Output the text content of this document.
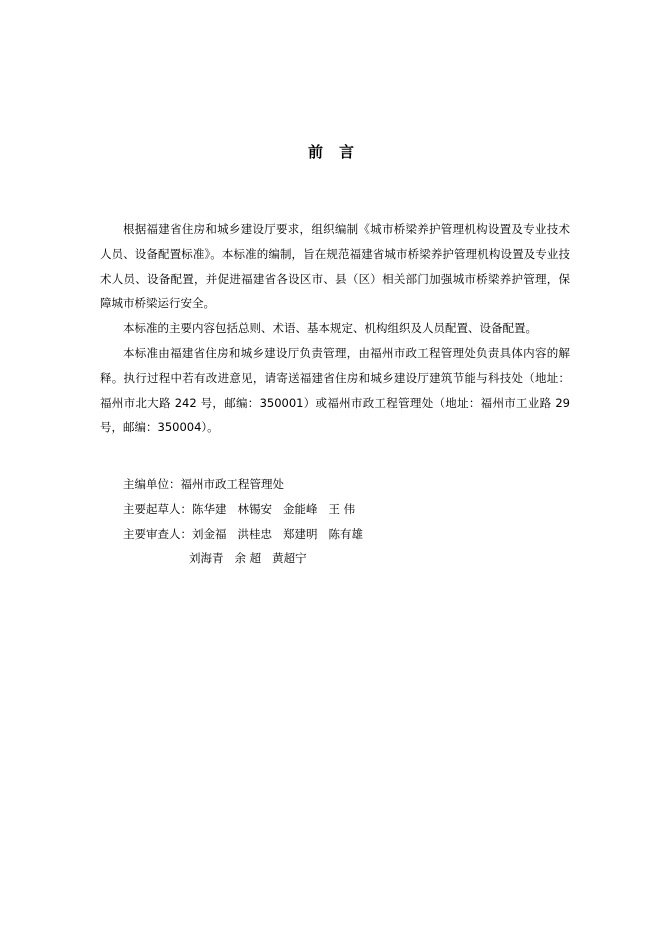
前 言

根据福建省住房和城乡建设厅要求，组织编制《城市桥梁养护管理机构设置及专业技术人员、设备配置标准》。本标准的编制，旨在规范福建省城市桥梁养护管理机构设置及专业技术人员、设备配置，并促进福建省各设区市、县（区）相关部门加强城市桥梁养护管理，保障城市桥梁运行安全。

本标准的主要内容包括总则、术语、基本规定、机构组织及人员配置、设备配置。

本标准由福建省住房和城乡建设厅负责管理，由福州市政工程管理处负责具体内容的解释。执行过程中若有改进意见，请寄送福建省住房和城乡建设厅建筑节能与科技处（地址：福州市北大路 242 号，邮编：350001）或福州市政工程管理处（地址：福州市工业路 29 号，邮编：350004）。

主编单位：福州市政工程管理处
主要起草人：陈华建 林锡安 金能峰 王 伟
主要审查人：刘金福 洪桂忠 郑建明 陈有雄
刘海青 余 超 黄超宁
